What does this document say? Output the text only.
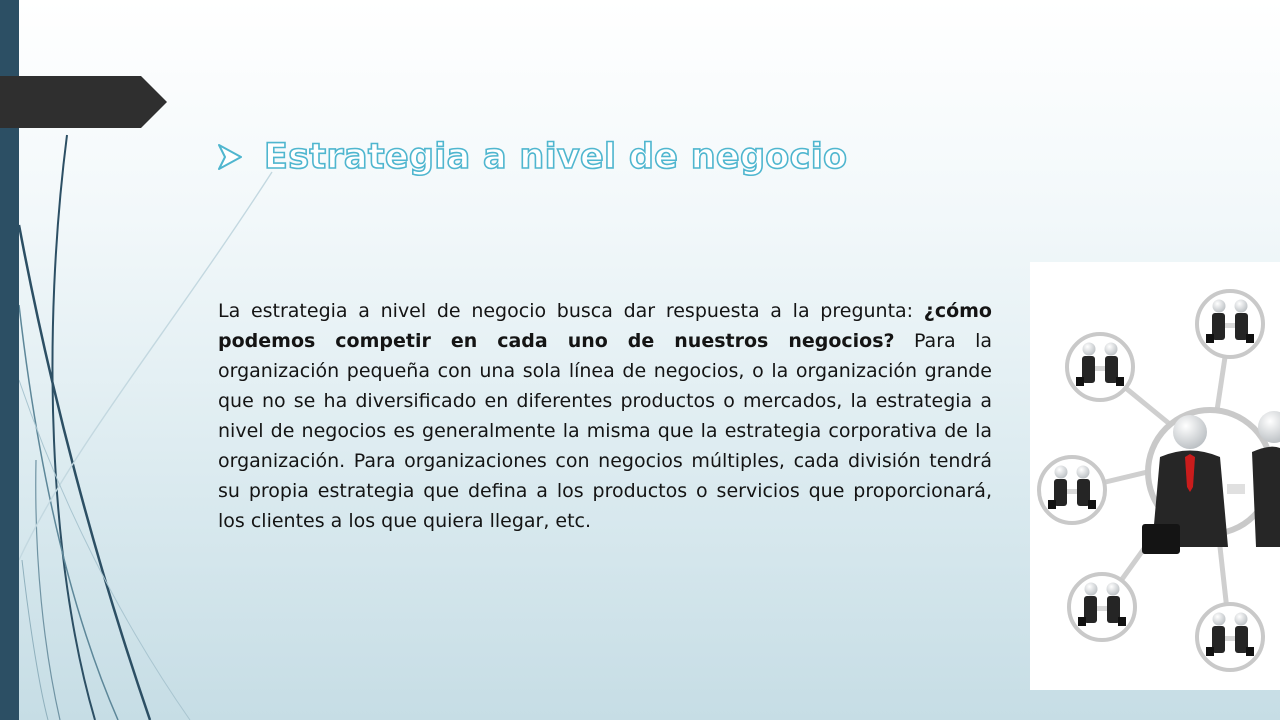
Estrategia a nivel de negocio

La estrategia a nivel de negocio busca dar respuesta a la pregunta: ¿cómo podemos competir en cada uno de nuestros negocios? Para la organización pequeña con una sola línea de negocios, o la organización grande que no se ha diversificado en diferentes productos o mercados, la estrategia a nivel de negocios es generalmente la misma que la estrategia corporativa de la organización. Para organizaciones con negocios múltiples, cada división tendrá su propia estrategia que defina a los productos o servicios que proporcionará, los clientes a los que quiera llegar, etc.
